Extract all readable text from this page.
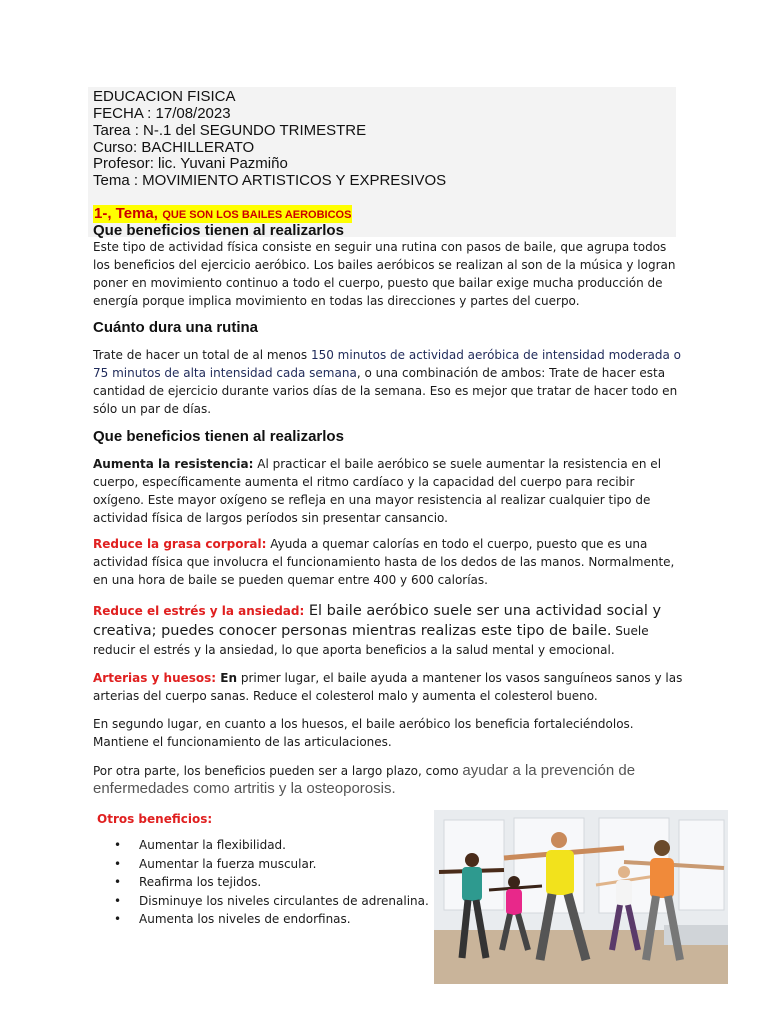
EDUCACION FISICA
FECHA : 17/08/2023
Tarea : N-.1 del SEGUNDO TRIMESTRE
Curso: BACHILLERATO
Profesor: lic. Yuvani Pazmiño
Tema : MOVIMIENTO ARTISTICOS Y EXPRESIVOS
1-, Tema, QUE SON LOS BAILES AEROBICOS
Que beneficios tienen al realizarlos
Este tipo de actividad física consiste en seguir una rutina con pasos de baile, que agrupa todos los beneficios del ejercicio aeróbico. Los bailes aeróbicos se realizan al son de la música y logran poner en movimiento continuo a todo el cuerpo, puesto que bailar exige mucha producción de energía porque implica movimiento en todas las direcciones y partes del cuerpo.
Cuánto dura una rutina
Trate de hacer un total de al menos 150 minutos de actividad aeróbica de intensidad moderada o 75 minutos de alta intensidad cada semana, o una combinación de ambos: Trate de hacer esta cantidad de ejercicio durante varios días de la semana. Eso es mejor que tratar de hacer todo en sólo un par de días.
Que beneficios tienen al realizarlos
Aumenta la resistencia: Al practicar el baile aeróbico se suele aumentar la resistencia en el cuerpo, específicamente aumenta el ritmo cardíaco y la capacidad del cuerpo para recibir oxígeno. Este mayor oxígeno se refleja en una mayor resistencia al realizar cualquier tipo de actividad física de largos períodos sin presentar cansancio.
Reduce la grasa corporal: Ayuda a quemar calorías en todo el cuerpo, puesto que es una actividad física que involucra el funcionamiento hasta de los dedos de las manos. Normalmente, en una hora de baile se pueden quemar entre 400 y 600 calorías.
Reduce el estrés y la ansiedad: El baile aeróbico suele ser una actividad social y creativa; puedes conocer personas mientras realizas este tipo de baile. Suele reducir el estrés y la ansiedad, lo que aporta beneficios a la salud mental y emocional.
Arterias y huesos: En primer lugar, el baile ayuda a mantener los vasos sanguíneos sanos y las arterias del cuerpo sanas. Reduce el colesterol malo y aumenta el colesterol bueno.
En segundo lugar, en cuanto a los huesos, el baile aeróbico los beneficia fortaleciéndolos. Mantiene el funcionamiento de las articulaciones.
Por otra parte, los beneficios pueden ser a largo plazo, como ayudar a la prevención de enfermedades como artritis y la osteoporosis.
Otros beneficios:
• Aumentar la flexibilidad.
• Aumentar la fuerza muscular.
• Reafirma los tejidos.
• Disminuye los niveles circulantes de adrenalina.
• Aumenta los niveles de endorfinas.
